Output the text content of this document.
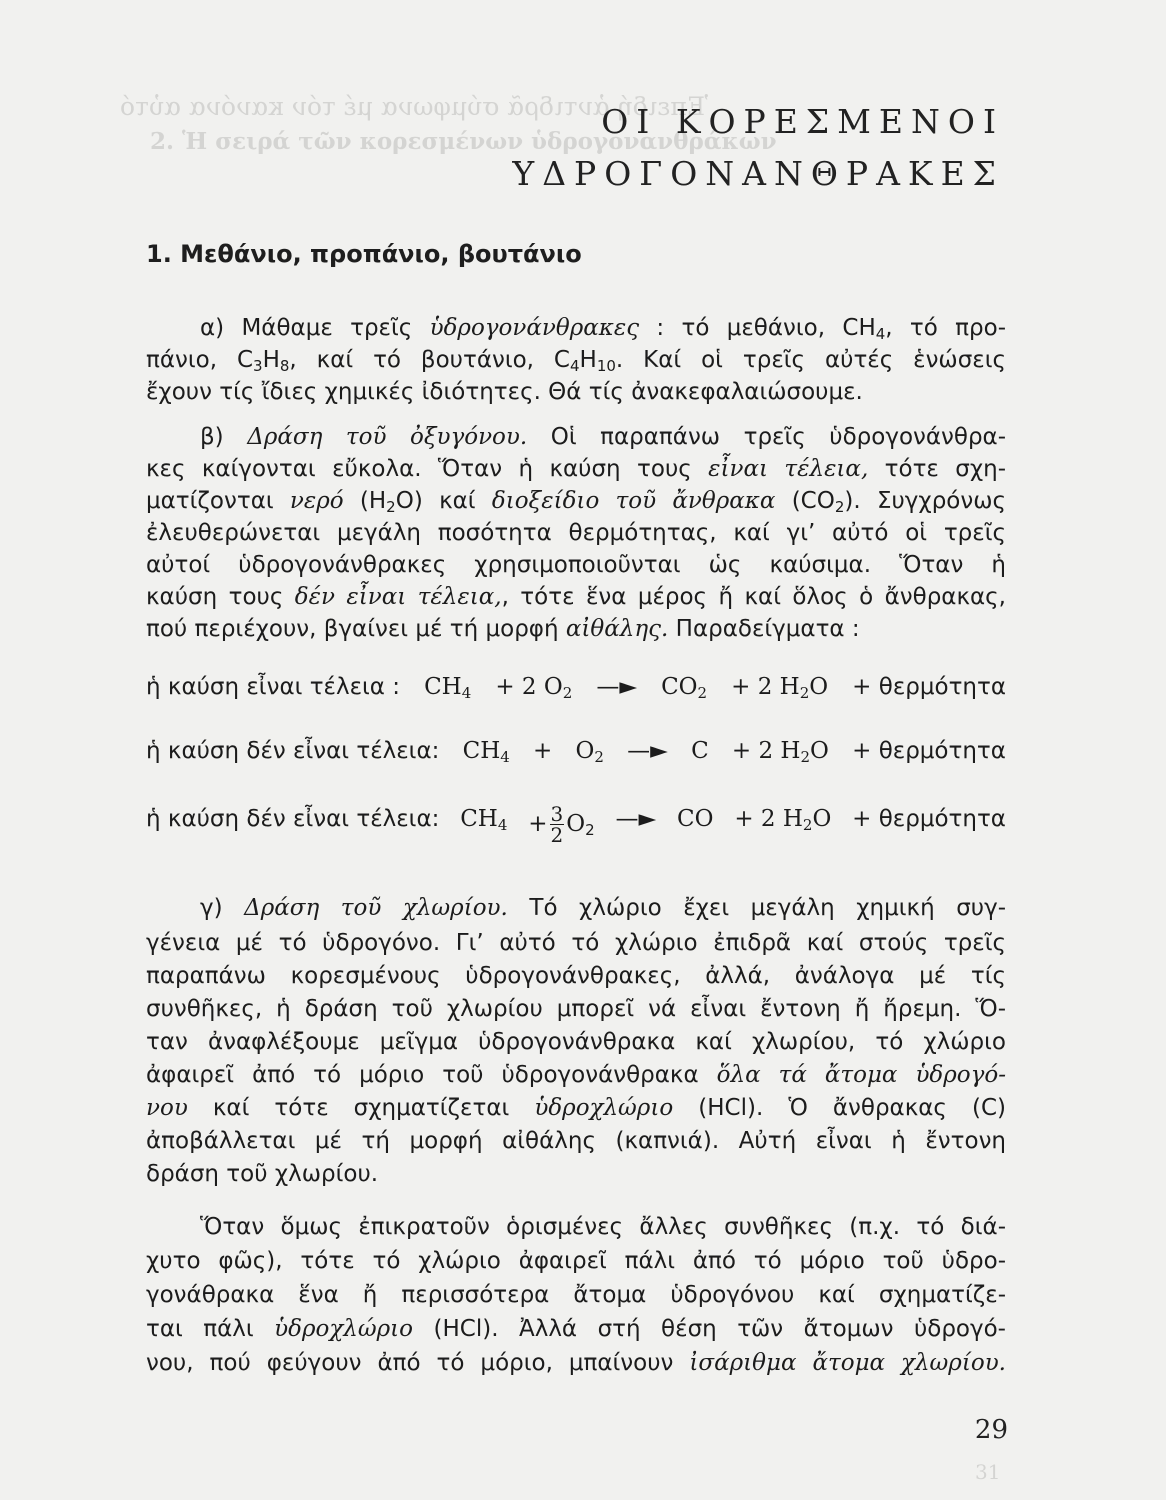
Ἐπειδή ἀντιδρᾶ σύμφωνα μέ τόν κανόνα αὐτό
2. Ἡ σειρά τῶν κορεσμένων ὑδρογονανθράκων
31
ΟΙ ΚΟΡΕΣΜΕΝΟΙ
ΥΔΡΟΓΟΝΑΝΘΡΑΚΕΣ
1. Μεθάνιο, προπάνιο, βουτάνιο
α) Μάθαμε τρεῖς ὑδρογονάνθρακες : τό μεθάνιο, $CH_4$, τό προ-
πάνιο, $C_3H_8$, καί τό βουτάνιο, $C_4H_{10}$. Καί οἱ τρεῖς αὐτές ἑνώσεις
ἔχουν τίς ἴδιες χημικές ἰδιότητες. Θά τίς ἀνακεφαλαιώσουμε.
β) Δράση τοῦ ὀξυγόνου. Οἱ παραπάνω τρεῖς ὑδρογονάνθρα-
κες καίγονται εὔκολα. Ὅταν ἡ καύση τους εἶναι τέλεια, τότε σχη-
ματίζονται νερό $(H_2O)$ καί διοξείδιο τοῦ ἄνθρακα $(CO_2)$. Συγχρόνως
ἐλευθερώνεται μεγάλη ποσότητα θερμότητας, καί γι’ αὐτό οἱ τρεῖς
αὐτοί ὑδρογονάνθρακες χρησιμοποιοῦνται ὡς καύσιμα. Ὅταν ἡ
καύση τους δέν εἶναι τέλεια,, τότε ἕνα μέρος ἤ καί ὅλος ὁ ἄνθρακας,
πού περιέχουν, βγαίνει μέ τή μορφή αἰθάλης. Παραδείγματα :
ἡ καύση εἶναι τέλεια : $CH_4 + 2$ $O_2$ —► $CO_2 + 2$ $H_2O + \theta\varepsilon\rho\mu ό\tau\eta\tau\alpha$
ἡ καύση δέν εἶναι τέλεια: $CH_4 + O_2$ —► C + 2 $H_2O + \theta\varepsilon\rho\mu ό\tau\eta\tau\alpha$
ἡ καύση δέν εἶναι τέλεια: $CH_4 + \frac{3}{2} O_2$ —► CO + 2 $H_2O + \theta\varepsilon\rho\mu ό\tau\eta\tau\alpha$
γ) Δράση τοῦ χλωρίου. Τό χλώριο ἔχει μεγάλη χημική συγ-
γένεια μέ τό ὑδρογόνο. Γι’ αὐτό τό χλώριο ἐπιδρᾶ καί στούς τρεῖς
παραπάνω κορεσμένους ὑδρογονάνθρακες, ἀλλά, ἀνάλογα μέ τίς
συνθῆκες, ἡ δράση τοῦ χλωρίου μπορεῖ νά εἶναι ἔντονη ἤ ἤρεμη. Ὅ-
ταν ἀναφλέξουμε μεῖγμα ὑδρογονάνθρακα καί χλωρίου, τό χλώριο
ἀφαιρεῖ ἀπό τό μόριο τοῦ ὑδρογονάνθρακα ὅλα τά ἄτομα ὑδρογό-
νου καί τότε σχηματίζεται ὑδροχλώριο (HCl). Ὁ ἄνθρακας (C)
ἀποβάλλεται μέ τή μορφή αἰθάλης (καπνιά). Αὐτή εἶναι ἡ ἔντονη
δράση τοῦ χλωρίου.
Ὅταν ὅμως ἐπικρατοῦν ὁρισμένες ἄλλες συνθῆκες (π.χ. τό διά-
χυτο φῶς), τότε τό χλώριο ἀφαιρεῖ πάλι ἀπό τό μόριο τοῦ ὑδρο-
γονάθρακα ἕνα ἤ περισσότερα ἄτομα ὑδρογόνου καί σχηματίζε-
ται πάλι ὑδροχλώριο (HCl). Ἀλλά στή θέση τῶν ἄτομων ὑδρογό-
νου, πού φεύγουν ἀπό τό μόριο, μπαίνουν ἰσάριθμα ἄτομα χλωρίου.
29
